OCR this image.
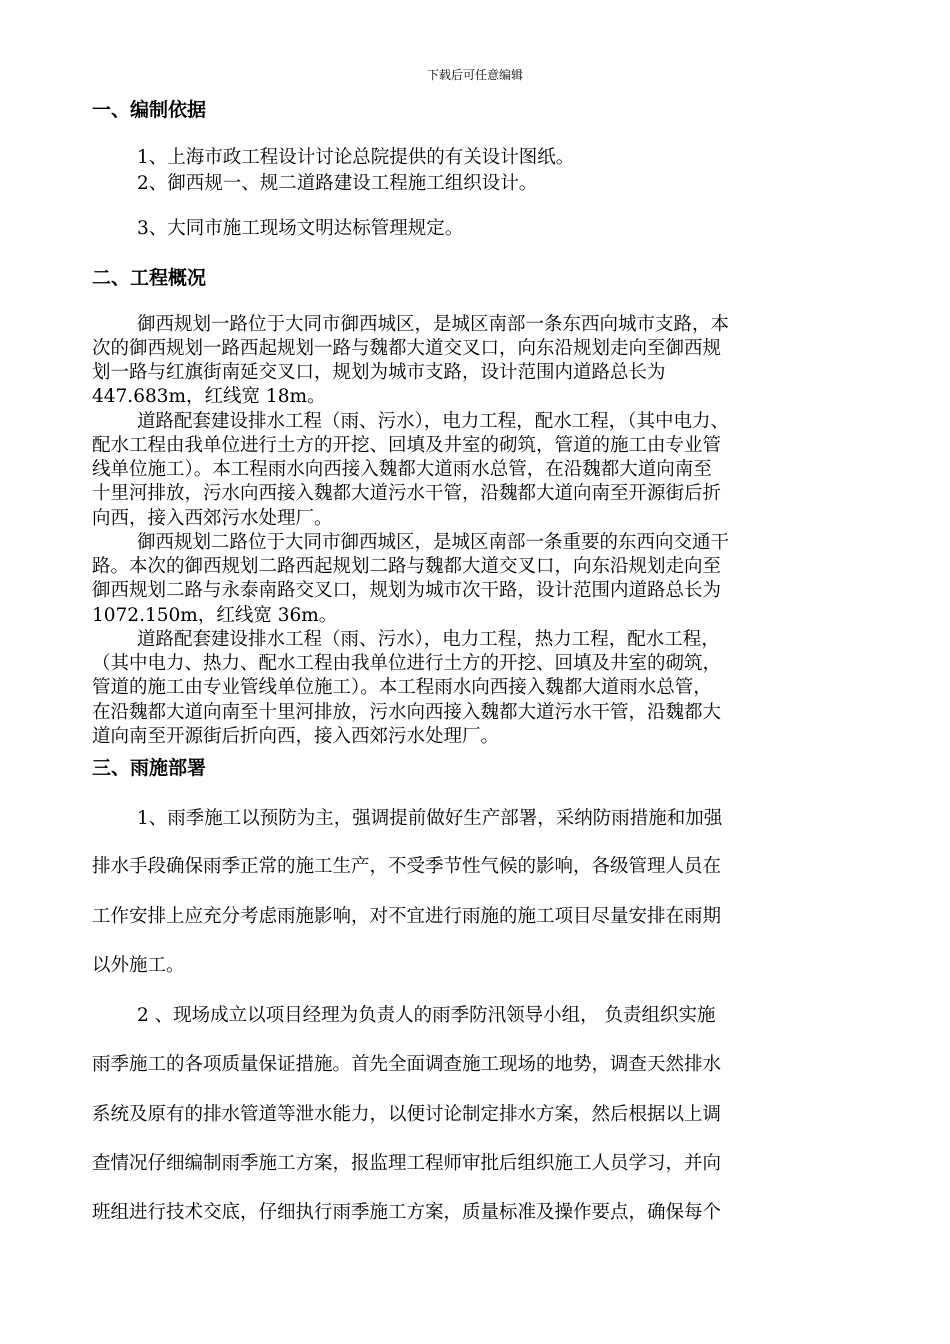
下载后可任意编辑
一、编制依据
1、上海市政工程设计讨论总院提供的有关设计图纸。
2、御西规一、规二道路建设工程施工组织设计。
3、大同市施工现场文明达标管理规定。
二、工程概况
御西规划一路位于大同市御西城区，是城区南部一条东西向城市支路，本
次的御西规划一路西起规划一路与魏都大道交叉口，向东沿规划走向至御西规
划一路与红旗街南延交叉口，规划为城市支路，设计范围内道路总长为
447.683m，红线宽 18m。
道路配套建设排水工程（雨、污水），电力工程，配水工程，（其中电力、
配水工程由我单位进行土方的开挖、回填及井室的砌筑，管道的施工由专业管
线单位施工）。本工程雨水向西接入魏都大道雨水总管，在沿魏都大道向南至
十里河排放，污水向西接入魏都大道污水干管，沿魏都大道向南至开源街后折
向西，接入西郊污水处理厂。
御西规划二路位于大同市御西城区，是城区南部一条重要的东西向交通干
路。本次的御西规划二路西起规划二路与魏都大道交叉口，向东沿规划走向至
御西规划二路与永泰南路交叉口，规划为城市次干路，设计范围内道路总长为
1072.150m，红线宽 36m。
道路配套建设排水工程（雨、污水），电力工程，热力工程，配水工程，
（其中电力、热力、配水工程由我单位进行土方的开挖、回填及井室的砌筑，
管道的施工由专业管线单位施工）。本工程雨水向西接入魏都大道雨水总管，
在沿魏都大道向南至十里河排放，污水向西接入魏都大道污水干管，沿魏都大
道向南至开源街后折向西，接入西郊污水处理厂。
三、雨施部署
1、雨季施工以预防为主，强调提前做好生产部署，采纳防雨措施和加强
排水手段确保雨季正常的施工生产，不受季节性气候的影响，各级管理人员在
工作安排上应充分考虑雨施影响，对不宜进行雨施的施工项目尽量安排在雨期
以外施工。
2 、现场成立以项目经理为负责人的雨季防汛领导小组， 负责组织实施
雨季施工的各项质量保证措施。首先全面调查施工现场的地势，调查天然排水
系统及原有的排水管道等泄水能力，以便讨论制定排水方案，然后根据以上调
查情况仔细编制雨季施工方案，报监理工程师审批后组织施工人员学习，并向
班组进行技术交底，仔细执行雨季施工方案，质量标准及操作要点，确保每个
